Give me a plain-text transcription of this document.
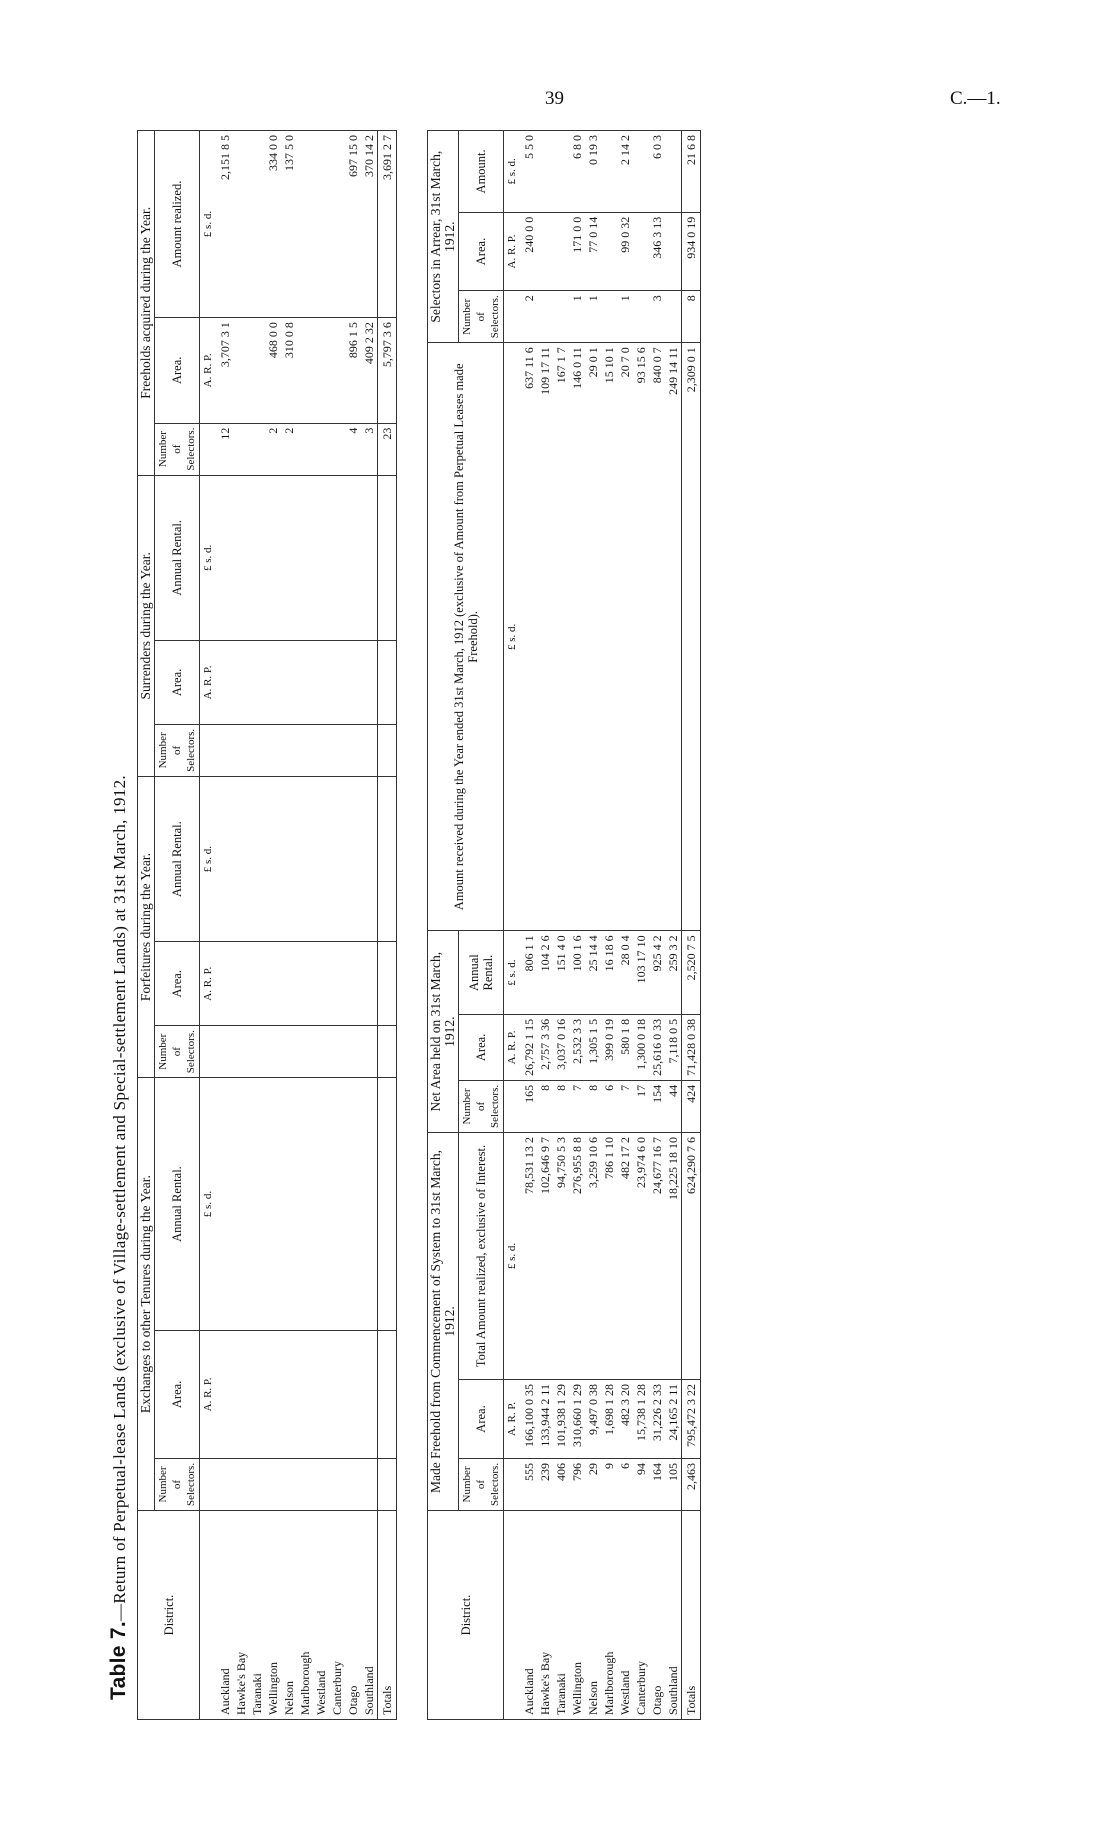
39	C.—1.
Table 7.—Return of Perpetual-lease Lands (exclusive of Village-settlement and Special-settlement Lands) at 31st March, 1912.	District.	Exchanges to other Tenures during the Year.			Forfeitures during the Year.			Surrenders during the Year.			Freeholds acquired during the Year.		
	Number of Selectors.	Area.	Annual Rental.	Number of Selectors.	Area.	Annual Rental.	Number of Selectors.	Area.	Annual Rental.	Number of Selectors.	Area.	Amount realized.
		A. R. P.	£ s. d.		A. R. P.	£ s. d.		A. R. P.	£ s. d.		A. R. P.	£ s. d.
Auckland										12	3,707 3 1	2,151 8 5
Hawke's Bay												
Taranaki												
Wellington										2	468 0 0	334 0 0
Nelson										2	310 0 8	137 5 0
Marlborough												
Westland												
Canterbury												
Otago										4	896 1 5	697 15 0
Southland										3	409 2 32	370 14 2
Totals										23	5,797 3 6	3,691 2 7
District.	Made Freehold from Commencement of System to 31st March, 1912.			Net Area held on 31st March, 1912.			Amount received during the Year ended 31st March, 1912 (exclusive of Amount from Perpetual Leases made Freehold).	Selectors in Arrear, 31st March, 1912.		
	Number of Selectors.	Area.	Total Amount realized, exclusive of Interest.	Number of Selectors.	Area.	Annual Rental.		Number of Selectors.	Area.	Amount.
		A. R. P.	£ s. d.		A. R. P.	£ s. d.	£ s. d.		A. R. P.	£ s. d.
Auckland	555	166,100 0 35	78,531 13 2	165	26,792 1 15	806 1 1	637 11 6	2	240 0 0	5 5 0
Hawke's Bay	239	133,944 2 11	102,646 9 7	8	2,757 3 36	104 2 6	109 17 11			
Taranaki	406	101,938 1 29	94,750 5 3	8	3,037 0 16	151 4 0	167 1 7			
Wellington	796	310,660 1 29	276,955 8 8	7	2,532 3 3	100 1 6	146 0 11	1	171 0 0	6 8 0
Nelson	29	9,497 0 38	3,259 10 6	8	1,305 1 5	25 14 4	29 0 1	1	77 0 14	0 19 3
Marlborough	9	1,698 1 28	786 1 10	6	399 0 19	16 18 6	15 10 1			
Westland	6	482 3 20	482 17 2	7	580 1 8	28 0 4	20 7 0	1	99 0 32	2 14 2
Canterbury	94	15,738 1 28	23,974 6 0	17	1,300 0 18	103 17 10	93 15 6			
Otago	164	31,226 2 33	24,677 16 7	154	25,616 0 33	925 4 2	840 0 7	3	346 3 13	6 0 3
Southland	105	24,165 2 11	18,225 18 10	44	7,118 0 5	259 3 2	249 14 11			
Totals	2,463	795,472 3 22	624,290 7 6	424	71,428 0 38	2,520 7 5	2,309 0 1	8	934 0 19	21 6 8
